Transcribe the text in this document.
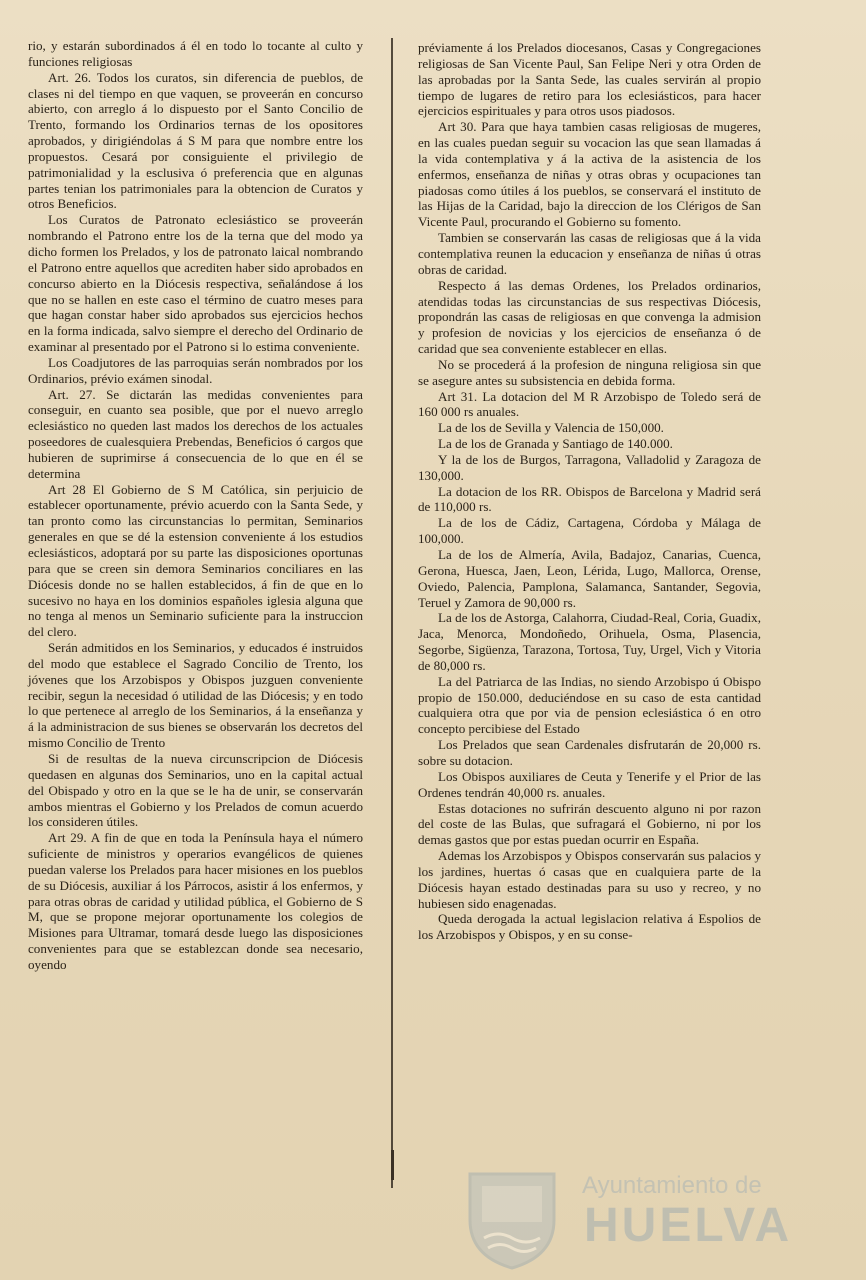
rio, y estarán subordinados á él en todo lo tocante al culto y funciones religiosas

Art. 26. Todos los curatos, sin diferencia de pueblos, de clases ni del tiempo en que vaquen, se proveerán en concurso abierto, con arreglo á lo dispuesto por el Santo Concilio de Trento, formando los Ordinarios ternas de los opositores aprobados, y dirigiéndolas á S M para que nombre entre los propuestos. Cesará por consiguiente el privilegio de patrimonialidad y la esclusiva ó preferencia que en algunas partes tenian los patrimoniales para la obtencion de Curatos y otros Beneficios.

Los Curatos de Patronato eclesiástico se proveerán nombrando el Patrono entre los de la terna que del modo ya dicho formen los Prelados, y los de patronato laical nombrando el Patrono entre aquellos que acrediten haber sido aprobados en concurso abierto en la Diócesis respectiva, señalándose á los que no se hallen en este caso el término de cuatro meses para que hagan constar haber sido aprobados sus ejercicios hechos en la forma indicada, salvo siempre el derecho del Ordinario de examinar al presentado por el Patrono si lo estima conveniente.

Los Coadjutores de las parroquias serán nombrados por los Ordinarios, prévio exámen sinodal.

Art. 27. Se dictarán las medidas convenientes para conseguir, en cuanto sea posible, que por el nuevo arreglo eclesiástico no queden last mados los derechos de los actuales poseedores de cualesquiera Prebendas, Beneficios ó cargos que hubieren de suprimirse á consecuencia de lo que en él se determina

Art 28 El Gobierno de S M Católica, sin perjuicio de establecer oportunamente, prévio acuerdo con la Santa Sede, y tan pronto como las circunstancias lo permitan, Seminarios generales en que se dé la estension conveniente á los estudios eclesiásticos, adoptará por su parte las disposiciones oportunas para que se creen sin demora Seminarios conciliares en las Diócesis donde no se hallen establecidos, á fin de que en lo sucesivo no haya en los dominios españoles iglesia alguna que no tenga al menos un Seminario suficiente para la instruccion del clero.

Serán admitidos en los Seminarios, y educados é instruidos del modo que establece el Sagrado Concilio de Trento, los jóvenes que los Arzobispos y Obispos juzguen conveniente recibir, segun la necesidad ó utilidad de las Diócesis; y en todo lo que pertenece al arreglo de los Seminarios, á la enseñanza y á la administracion de sus bienes se observarán los decretos del mismo Concilio de Trento

Si de resultas de la nueva circunscripcion de Diócesis quedasen en algunas dos Seminarios, uno en la capital actual del Obispado y otro en la que se le ha de unir, se conservarán ambos mientras el Gobierno y los Prelados de comun acuerdo los consideren útiles.

Art 29. A fin de que en toda la Península haya el número suficiente de ministros y operarios evangélicos de quienes puedan valerse los Prelados para hacer misiones en los pueblos de su Diócesis, auxiliar á los Párrocos, asistir á los enfermos, y para otras obras de caridad y utilidad pública, el Gobierno de S M, que se propone mejorar oportunamente los colegios de Misiones para Ultramar, tomará desde luego las disposiciones convenientes para que se establezcan donde sea necesario, oyendo

préviamente á los Prelados diocesanos, Casas y Congregaciones religiosas de San Vicente Paul, San Felipe Neri y otra Orden de las aprobadas por la Santa Sede, las cuales servirán al propio tiempo de lugares de retiro para los eclesiásticos, para hacer ejercicios espirituales y para otros usos piadosos.

Art 30. Para que haya tambien casas religiosas de mugeres, en las cuales puedan seguir su vocacion las que sean llamadas á la vida contemplativa y á la activa de la asistencia de los enfermos, enseñanza de niñas y otras obras y ocupaciones tan piadosas como útiles á los pueblos, se conservará el instituto de las Hijas de la Caridad, bajo la direccion de los Clérigos de San Vicente Paul, procurando el Gobierno su fomento.

Tambien se conservarán las casas de religiosas que á la vida contemplativa reunen la educacion y enseñanza de niñas ú otras obras de caridad.

Respecto á las demas Ordenes, los Prelados ordinarios, atendidas todas las circunstancias de sus respectivas Diócesis, propondrán las casas de religiosas en que convenga la admision y profesion de novicias y los ejercicios de enseñanza ó de caridad que sea conveniente establecer en ellas.

No se procederá á la profesion de ninguna religiosa sin que se asegure antes su subsistencia en debida forma.

Art 31. La dotacion del M R Arzobispo de Toledo será de 160 000 rs anuales.

La de los de Sevilla y Valencia de 150,000.

La de los de Granada y Santiago de 140.000.

Y la de los de Burgos, Tarragona, Valladolid y Zaragoza de 130,000.

La dotacion de los RR. Obispos de Barcelona y Madrid será de 110,000 rs.

La de los de Cádiz, Cartagena, Córdoba y Málaga de 100,000.

La de los de Almería, Avila, Badajoz, Canarias, Cuenca, Gerona, Huesca, Jaen, Leon, Lérida, Lugo, Mallorca, Orense, Oviedo, Palencia, Pamplona, Salamanca, Santander, Segovia, Teruel y Zamora de 90,000 rs.

La de los de Astorga, Calahorra, Ciudad-Real, Coria, Guadix, Jaca, Menorca, Mondoñedo, Orihuela, Osma, Plasencia, Segorbe, Sigüenza, Tarazona, Tortosa, Tuy, Urgel, Vich y Vitoria de 80,000 rs.

La del Patriarca de las Indias, no siendo Arzobispo ú Obispo propio de 150.000, deduciéndose en su caso de esta cantidad cualquiera otra que por via de pension eclesiástica ó en otro concepto percibiese del Estado

Los Prelados que sean Cardenales disfrutarán de 20,000 rs. sobre su dotacion.

Los Obispos auxiliares de Ceuta y Tenerife y el Prior de las Ordenes tendrán 40,000 rs. anuales.

Estas dotaciones no sufrirán descuento alguno ni por razon del coste de las Bulas, que sufragará el Gobierno, ni por los demas gastos que por estas puedan ocurrir en España.

Ademas los Arzobispos y Obispos conservarán sus palacios y los jardines, huertas ó casas que en cualquiera parte de la Diócesis hayan estado destinadas para su uso y recreo, y no hubiesen sido enagenadas.

Queda derogada la actual legislacion relativa á Espolios de los Arzobispos y Obispos, y en su conse-

Ayuntamiento de
HUELVA
